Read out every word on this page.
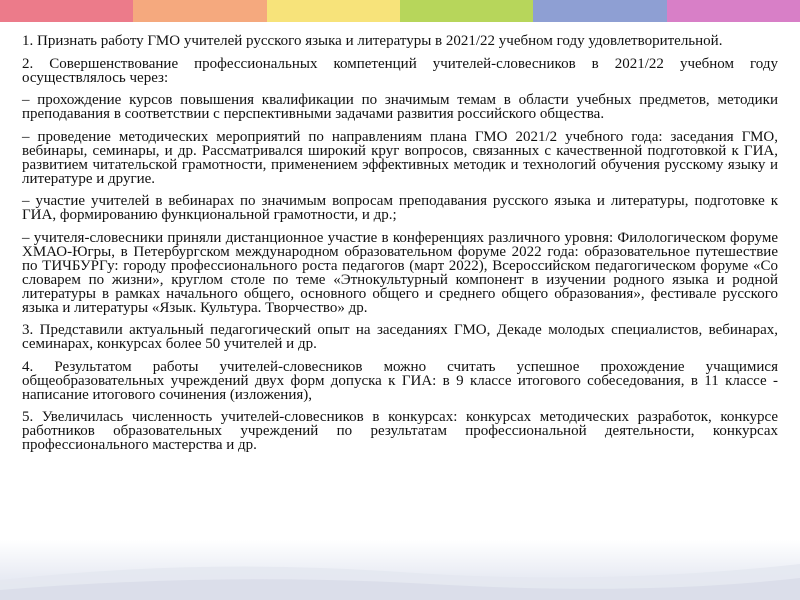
1. Признать работу ГМО учителей русского языка и литературы в 2021/22 учебном году удовлетворительной.

2. Совершенствование профессиональных компетенций учителей-словесников в 2021/22 учебном году осуществлялось через:

– прохождение курсов повышения квалификации по значимым темам в области учебных предметов, методики преподавания в соответствии с перспективными задачами развития российского общества.

– проведение методических мероприятий по направлениям плана ГМО 2021/2 учебного года: заседания ГМО, вебинары, семинары, и др. Рассматривался широкий круг вопросов, связанных с качественной подготовкой к ГИА, развитием читательской грамотности, применением эффективных методик и технологий обучения русскому языку и литературе и другие.

– участие учителей в вебинарах по значимым вопросам преподавания русского языка и литературы, подготовке к ГИА, формированию функциональной грамотности, и др.;

– учителя-словесники приняли дистанционное участие в конференциях различного уровня: Филологическом форуме ХМАО-Югры, в Петербургском международном образовательном форуме 2022 года: образовательное путешествие по ТИЧБУРГу: городу профессионального роста педагогов (март 2022), Всероссийском педагогическом форуме «Со словарем по жизни», круглом столе по теме «Этнокультурный компонент в изучении родного языка и родной литературы в рамках начального общего, основного общего и среднего общего образования», фестивале русского языка и литературы «Язык. Культура. Творчество» др.

3. Представили актуальный педагогический опыт на заседаниях ГМО, Декаде молодых специалистов, вебинарах, семинарах, конкурсах более 50 учителей и др.

4. Результатом работы учителей-словесников можно считать успешное прохождение учащимися общеобразовательных учреждений двух форм допуска к ГИА: в 9 классе итогового собеседования, в 11 классе - написание итогового сочинения (изложения),

5. Увеличилась численность учителей-словесников в конкурсах: конкурсах методических разработок, конкурсе работников образовательных учреждений по результатам профессиональной деятельности, конкурсах профессионального мастерства и др.
